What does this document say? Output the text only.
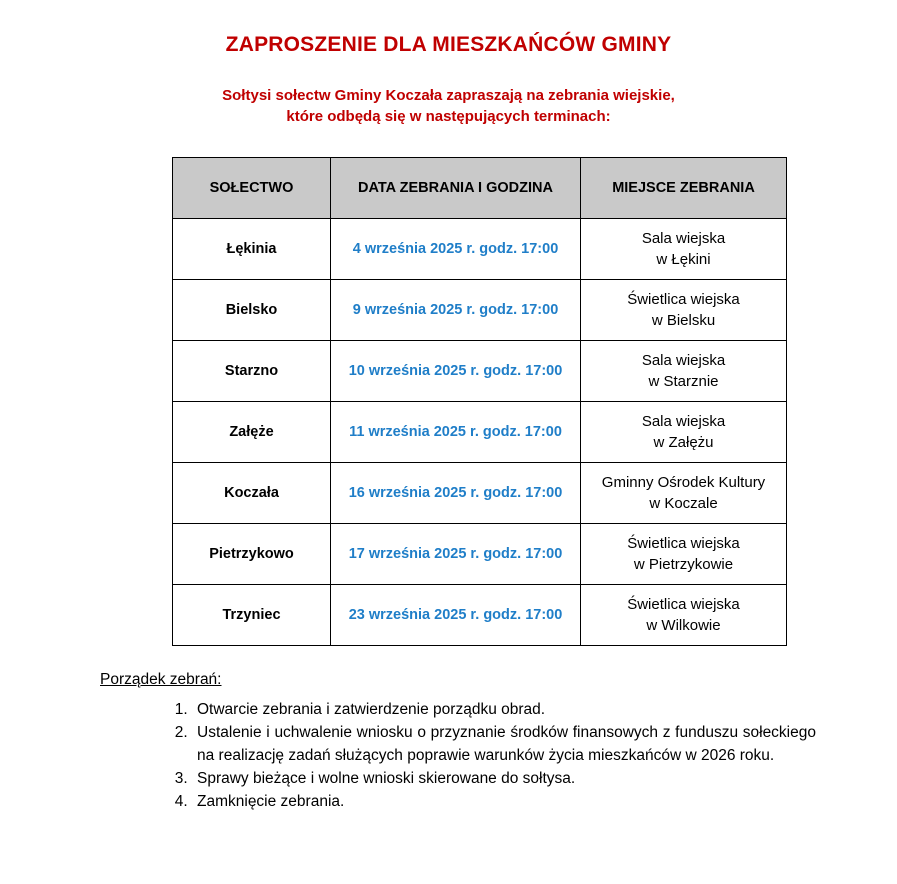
ZAPROSZENIE DLA MIESZKAŃCÓW GMINY
Sołtysi sołectw Gminy Koczała zapraszają na zebrania wiejskie,
które odbędą się w następujących terminach:
SOŁECTWO	DATA ZEBRANIA I GODZINA	MIEJSCE ZEBRANIA
Łękinia	4 września 2025 r. godz. 17:00	Sala wiejska
w Łękini

Bielsko	9 września 2025 r. godz. 17:00	Świetlica wiejska
w Bielsku

Starzno	10 września 2025 r. godz. 17:00	Sala wiejska
w Starznie

Załęże	11 września 2025 r. godz. 17:00	Sala wiejska
w Załężu

Koczała	16 września 2025 r. godz. 17:00	Gminny Ośrodek Kultury
w Koczale

Pietrzykowo	17 września 2025 r. godz. 17:00	Świetlica wiejska
w Pietrzykowie

Trzyniec	23 września 2025 r. godz. 17:00	Świetlica wiejska
w Wilkowie
Porządek zebrań:
1. Otwarcie zebrania i zatwierdzenie porządku obrad.
2. Ustalenie i uchwalenie wniosku o przyznanie środków finansowych z funduszu sołeckiego na realizację zadań służących poprawie warunków życia mieszkańców w 2026 roku.
3. Sprawy bieżące i wolne wnioski skierowane do sołtysa.
4. Zamknięcie zebrania.
